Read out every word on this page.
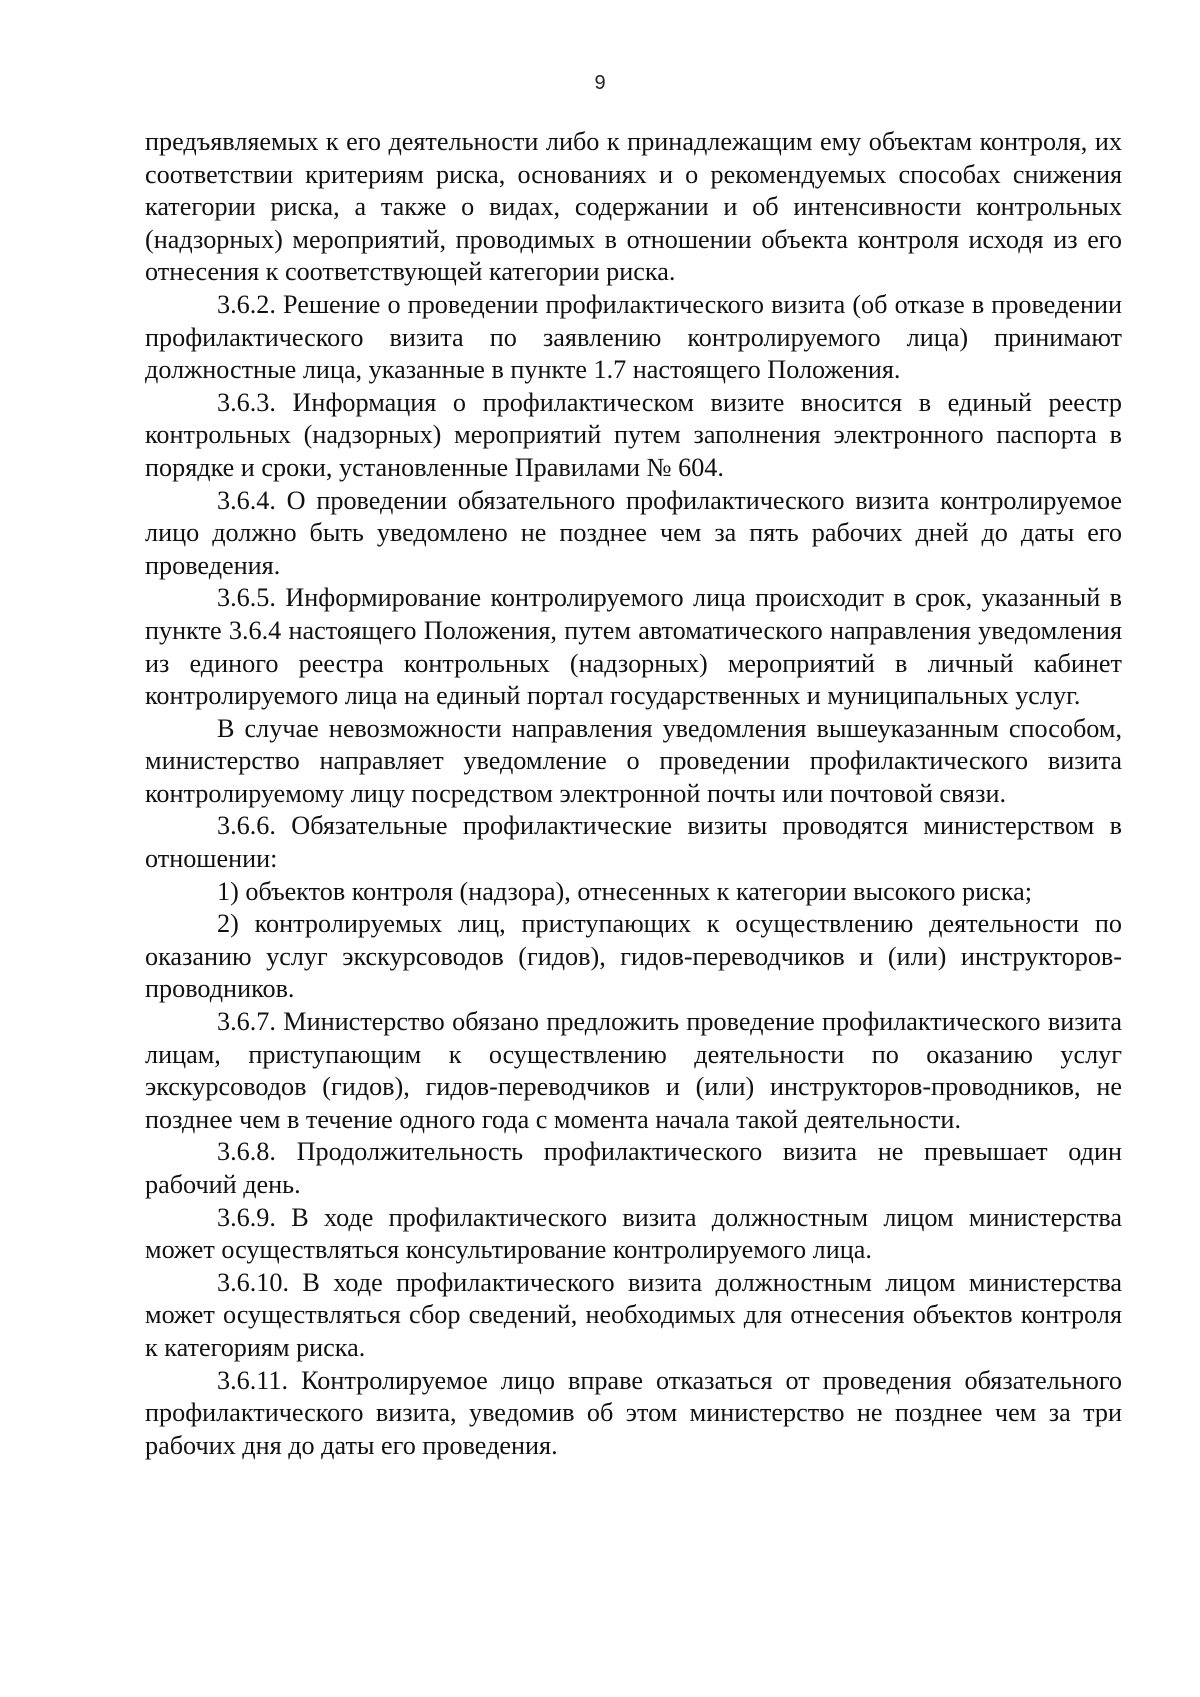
9

предъявляемых к его деятельности либо к принадлежащим ему объектам контроля, их соответствии критериям риска, основаниях и о рекомендуемых способах снижения категории риска, а также о видах, содержании и об интенсивности контрольных (надзорных) мероприятий, проводимых в отношении объекта контроля исходя из его отнесения к соответствующей категории риска.

3.6.2. Решение о проведении профилактического визита (об отказе в проведении профилактического визита по заявлению контролируемого лица) принимают должностные лица, указанные в пункте 1.7 настоящего Положения.

3.6.3. Информация о профилактическом визите вносится в единый реестр контрольных (надзорных) мероприятий путем заполнения электронного паспорта в порядке и сроки, установленные Правилами № 604.

3.6.4. О проведении обязательного профилактического визита контролируемое лицо должно быть уведомлено не позднее чем за пять рабочих дней до даты его проведения.

3.6.5. Информирование контролируемого лица происходит в срок, указанный в пункте 3.6.4 настоящего Положения, путем автоматического направления уведомления из единого реестра контрольных (надзорных) мероприятий в личный кабинет контролируемого лица на единый портал государственных и муниципальных услуг.

В случае невозможности направления уведомления вышеуказанным способом, министерство направляет уведомление о проведении профилактического визита контролируемому лицу посредством электронной почты или почтовой связи.

3.6.6. Обязательные профилактические визиты проводятся министерством в отношении:

1) объектов контроля (надзора), отнесенных к категории высокого риска;

2) контролируемых лиц, приступающих к осуществлению деятельности по оказанию услуг экскурсоводов (гидов), гидов-переводчиков и (или) инструкторов-проводников.

3.6.7. Министерство обязано предложить проведение профилактического визита лицам, приступающим к осуществлению деятельности по оказанию услуг экскурсоводов (гидов), гидов-переводчиков и (или) инструкторов-проводников, не позднее чем в течение одного года с момента начала такой деятельности.

3.6.8. Продолжительность профилактического визита не превышает один рабочий день.

3.6.9. В ходе профилактического визита должностным лицом министерства может осуществляться консультирование контролируемого лица.

3.6.10. В ходе профилактического визита должностным лицом министерства может осуществляться сбор сведений, необходимых для отнесения объектов контроля к категориям риска.

3.6.11. Контролируемое лицо вправе отказаться от проведения обязательного профилактического визита, уведомив об этом министерство не позднее чем за три рабочих дня до даты его проведения.
